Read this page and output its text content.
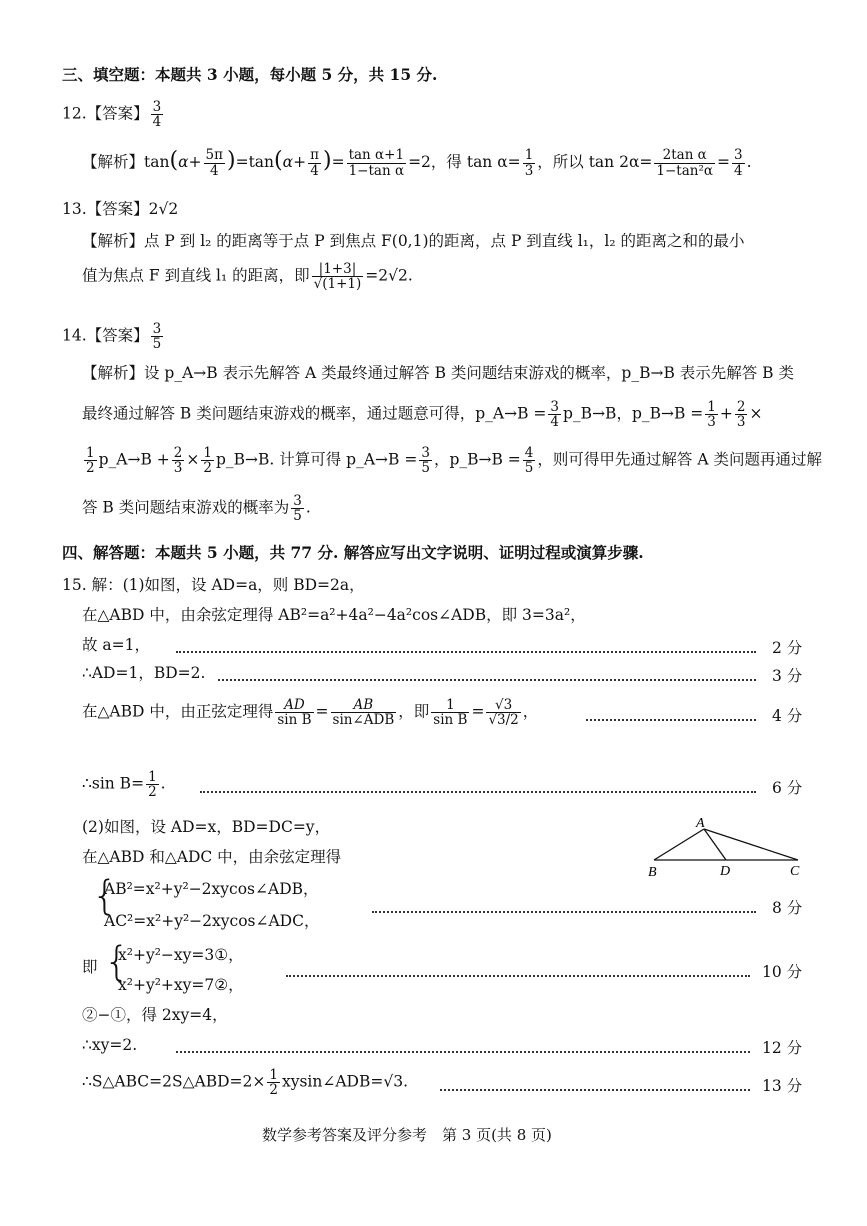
三、填空题：本题共 3 小题，每小题 5 分，共 15 分.
12.【答案】 $\frac{3}{4}$
【解析】$\tan(\alpha+ \frac{5\pi}{4} )=\tan(\alpha+ \frac{\pi}{4}$ )= $\frac{\text{tan α+1}}{\text{1−tan α}} =2$，得 $\tan \alpha= \frac{1}{3}$ ，所以 $\tan 2\alpha= \frac{\text{2tan α}}{\text{1−tan²α}} = \frac{3}{4}$ .
13.【答案】2√2
【解析】点 P 到 l₂ 的距离等于点 P 到焦点 F(0,1)的距离，点 P 到直线 l₁，l₂ 的距离之和的最小
值为焦点 F 到直线 l₁ 的距离，即 $\frac{|1+3|}{√(1+1)} =2√2$.
14.【答案】 $\frac{3}{5}$
【解析】设 p_A→B 表示先解答 A 类最终通过解答 B 类问题结束游戏的概率，p_B→B 表示先解答 B 类
最终通过解答 B 类问题结束游戏的概率，通过题意可得，p_A→B = $\frac{3}{4}$ p_B→B，p_B→B = $\frac{1}{3} + \frac{2}{3}$ ×
$\frac{1}{2}$ p_A→B + $\frac{2}{3} \times \frac{1}{2}$ p_B→B. 计算可得 p_A→B = $\frac{3}{5}$ ，p_B→B = $\frac{4}{5}$ ，则可得甲先通过解答 A 类问题再通过解
答 B 类问题结束游戏的概率为 $\frac{3}{5}$ .
四、解答题：本题共 5 小题，共 77 分. 解答应写出文字说明、证明过程或演算步骤.
15. 解：(1)如图，设 AD=a，则 BD=2a，
在△ABD 中，由余弦定理得 AB²=a²+4a²−4a²cos∠ADB，即 3=3a²，
故 a=1，	2 分
∴AD=1，BD=2.	3 分
在△ABD 中，由正弦定理得 $\frac{AD}{\text{sin B}} = \frac{AB}{\text{sin∠ADB}}$ ，即 $\frac{1}{\text{sin B}} = \frac{√3}{√3/2}$ ，	4 分
∴sin $B= \frac{1}{2}$ .	6 分
(2)如图，设 AD=x，BD=DC=y，
在△ABD 和△ADC 中，由余弦定理得
A
B	D	C
{
AB²=x²+y²−2xycos∠ADB，
AC²=x²+y²−2xycos∠ADC，
8 分
即 {
x²+y²−xy=3①，
x²+y²+xy=7②，
10 分
②−①，得 2xy=4，
∴xy=2.	12 分
∴S△ABC=2S△ABD=2× $\frac{1}{2}$ xysin∠ADB=√3.	13 分
数学参考答案及评分参考　第 3 页(共 8 页)
